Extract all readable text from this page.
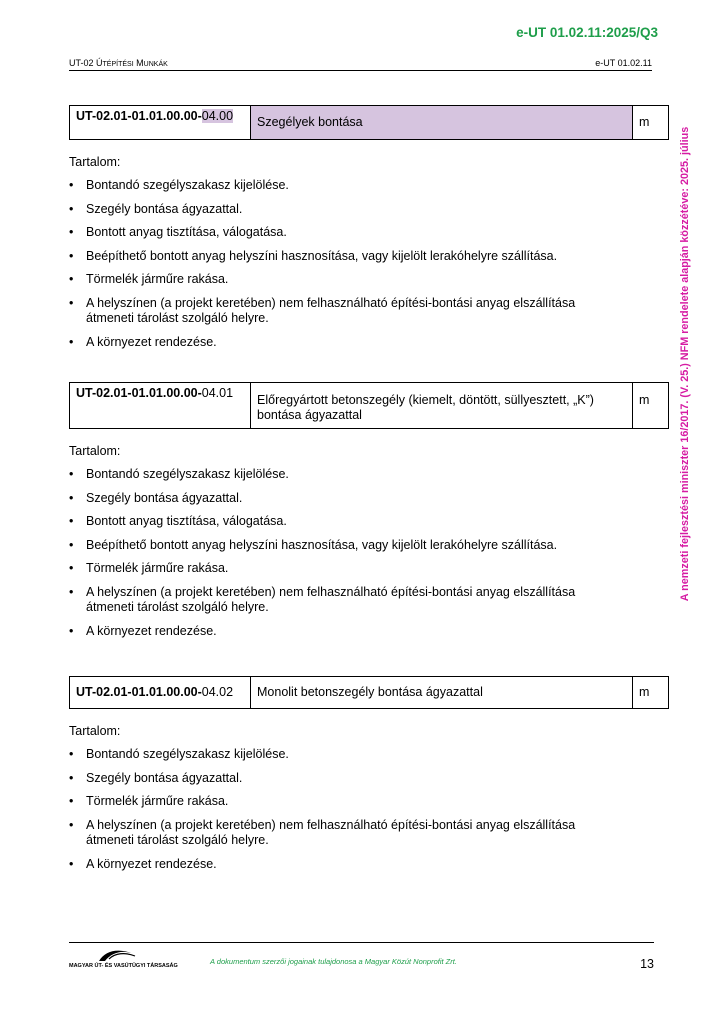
e-UT 01.02.11:2025/Q3
UT-02 ÚTÉPÍTÉSI MUNKÁK	e-UT 01.02.11
A nemzeti fejlesztési miniszter 16/2017. (V. 25.) NFM rendelete alapján közzétéve: 2025. július
UT-02.01-01.01.00.00-04.00	Szegélyek bontása	m
Tartalom:
• Bontandó szegélyszakasz kijelölése.
• Szegély bontása ágyazattal.
• Bontott anyag tisztítása, válogatása.
• Beépíthető bontott anyag helyszíni hasznosítása, vagy kijelölt lerakóhelyre szállítása.
• Törmelék járműre rakása.
• A helyszínen (a projekt keretében) nem felhasználható építési-bontási anyag elszállítása átmeneti tárolást szolgáló helyre.
• A környezet rendezése.
UT-02.01-01.01.00.00-04.01	Előregyártott betonszegély (kiemelt, döntött, süllyesztett, „K”) bontása ágyazattal	m
Tartalom:
• Bontandó szegélyszakasz kijelölése.
• Szegély bontása ágyazattal.
• Bontott anyag tisztítása, válogatása.
• Beépíthető bontott anyag helyszíni hasznosítása, vagy kijelölt lerakóhelyre szállítása.
• Törmelék járműre rakása.
• A helyszínen (a projekt keretében) nem felhasználható építési-bontási anyag elszállítása átmeneti tárolást szolgáló helyre.
• A környezet rendezése.
UT-02.01-01.01.00.00-04.02	Monolit betonszegély bontása ágyazattal	m
Tartalom:
• Bontandó szegélyszakasz kijelölése.
• Szegély bontása ágyazattal.
• Törmelék járműre rakása.
• A helyszínen (a projekt keretében) nem felhasználható építési-bontási anyag elszállítása átmeneti tárolást szolgáló helyre.
• A környezet rendezése.
MAGYAR ÚT- ÉS VASÚTÜGYI TÁRSASÁG	A dokumentum szerzői jogainak tulajdonosa a Magyar Közút Nonprofit Zrt.	13
